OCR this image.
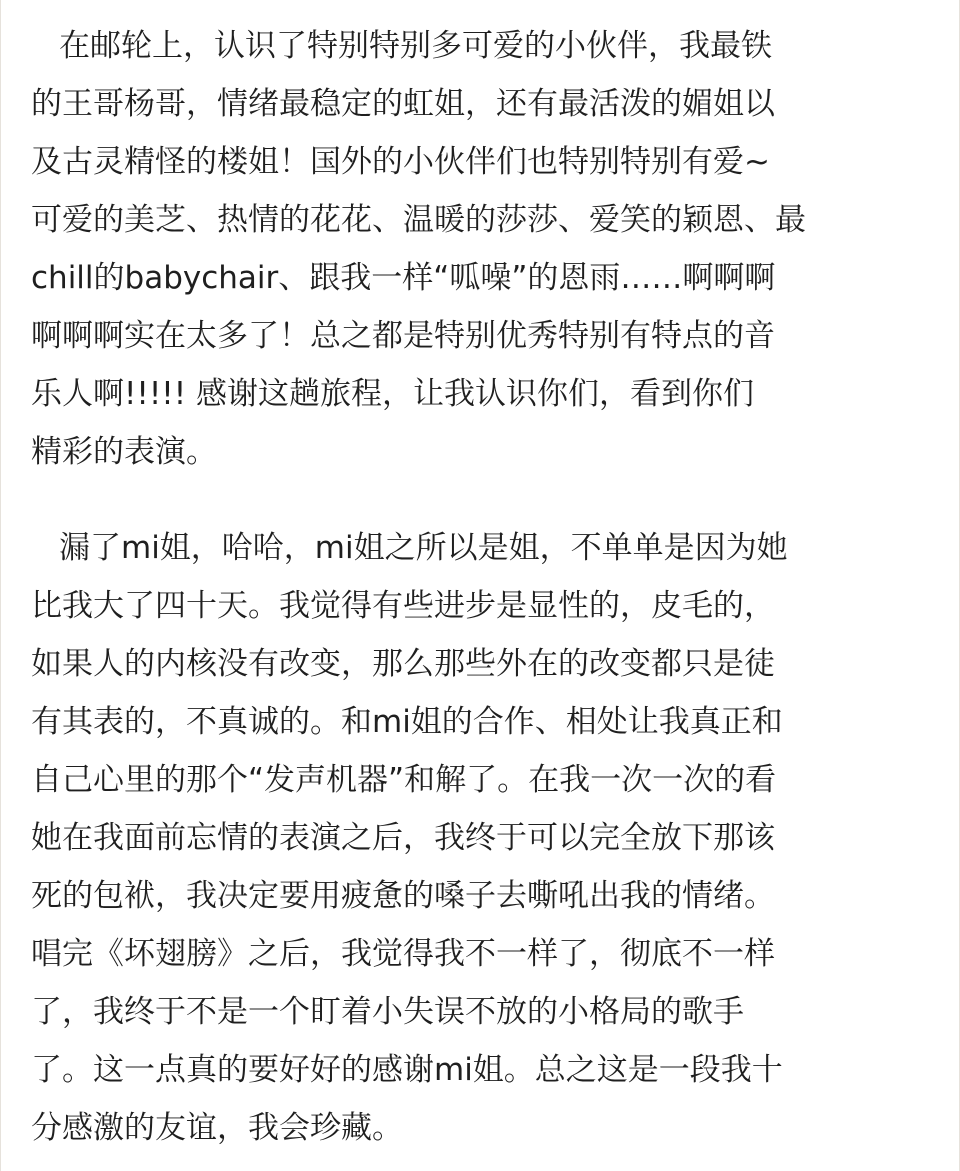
在邮轮上，认识了特别特别多可爱的小伙伴，我最铁
的王哥杨哥，情绪最稳定的虹姐，还有最活泼的媚姐以
及古灵精怪的楼姐！国外的小伙伴们也特别特别有爱~
可爱的美芝、热情的花花、温暖的莎莎、爱笑的颖恩、最
chill的babychair、跟我一样“呱噪”的恩雨……啊啊啊
啊啊啊实在太多了！总之都是特别优秀特别有特点的音
乐人啊!!!!! 感谢这趟旅程，让我认识你们，看到你们
精彩的表演。
漏了mi姐，哈哈，mi姐之所以是姐，不单单是因为她
比我大了四十天。我觉得有些进步是显性的，皮毛的，
如果人的内核没有改变，那么那些外在的改变都只是徒
有其表的，不真诚的。和mi姐的合作、相处让我真正和
自己心里的那个“发声机器”和解了。在我一次一次的看
她在我面前忘情的表演之后，我终于可以完全放下那该
死的包袱，我决定要用疲惫的嗓子去嘶吼出我的情绪。
唱完《坏翅膀》之后，我觉得我不一样了，彻底不一样
了，我终于不是一个盯着小失误不放的小格局的歌手
了。这一点真的要好好的感谢mi姐。总之这是一段我十
分感激的友谊，我会珍藏。
